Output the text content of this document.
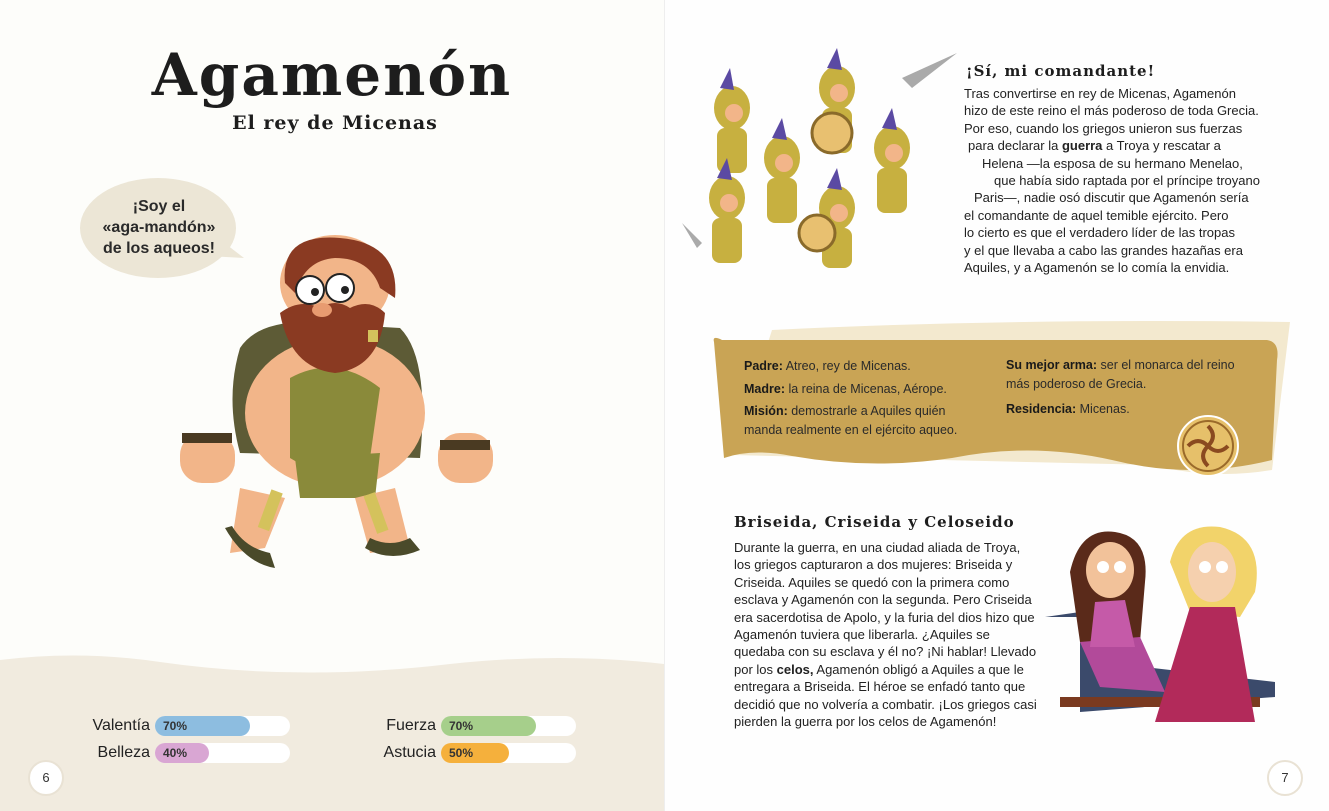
Agamenón
El rey de Micenas
¡Soy el
«aga-mandón»
de los aqueos!
Valentía 70%
Belleza 40%
Fuerza 70%
Astucia 50%
6
¡Sí, mi comandante!
Tras convertirse en rey de Micenas, Agamenón
hizo de este reino el más poderoso de toda Grecia.
Por eso, cuando los griegos unieron sus fuerzas
para declarar la guerra a Troya y rescatar a
Helena —la esposa de su hermano Menelao,
que había sido raptada por el príncipe troyano
Paris—, nadie osó discutir que Agamenón sería
el comandante de aquel temible ejército. Pero
lo cierto es que el verdadero líder de las tropas
y el que llevaba a cabo las grandes hazañas era
Aquiles, y a Agamenón se lo comía la envidia.
Padre: Atreo, rey de Micenas.
Madre: la reina de Micenas, Aérope.
Misión: demostrarle a Aquiles quién
manda realmente en el ejército aqueo.
Su mejor arma: ser el monarca del reino
más poderoso de Grecia.
Residencia: Micenas.
Briseida, Criseida y Celoseido
Durante la guerra, en una ciudad aliada de Troya,
los griegos capturaron a dos mujeres: Briseida y
Criseida. Aquiles se quedó con la primera como
esclava y Agamenón con la segunda. Pero Criseida
era sacerdotisa de Apolo, y la furia del dios hizo que
Agamenón tuviera que liberarla. ¿Aquiles se
quedaba con su esclava y él no? ¡Ni hablar! Llevado
por los celos, Agamenón obligó a Aquiles a que le
entregara a Briseida. El héroe se enfadó tanto que
decidió que no volvería a combatir. ¡Los griegos casi
pierden la guerra por los celos de Agamenón!
7
